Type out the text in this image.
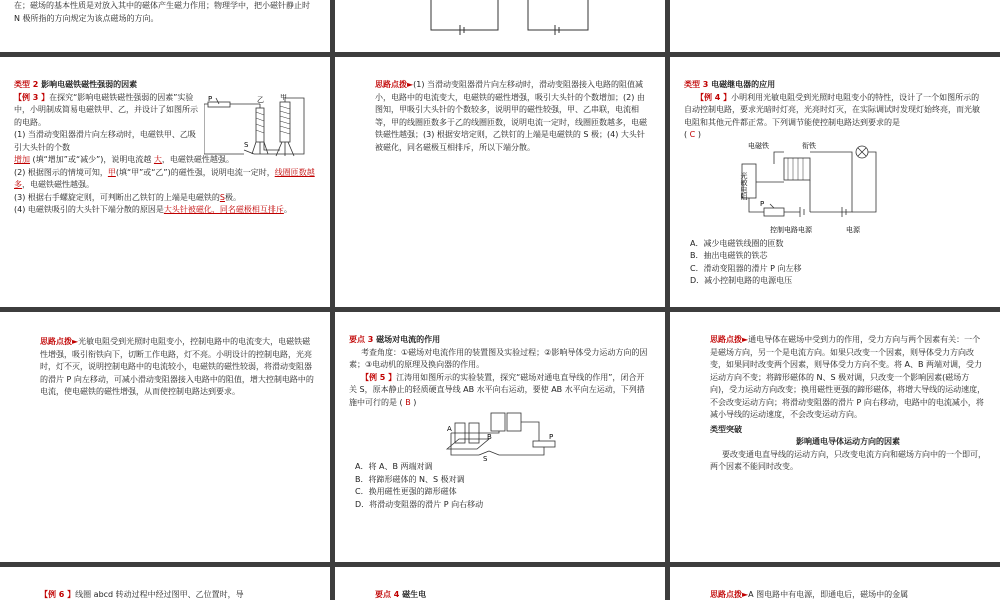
在；磁场的基本性质是对放入其中的磁体产生磁力作用；物理学中，把小磁针静止时 N 极所指的方向规定为该点磁场的方向。

类型 2 影响电磁铁磁性强弱的因素

P	乙 甲
S

【例 3 】在探究“影响电磁铁磁性强弱的因素”实验中，小明制成简易电磁铁甲、乙，并设计了如图所示的电路。

(1) 当滑动变阻器滑片向左移动时，电磁铁甲、乙吸引大头针的个数

增加 (填“增加”或“减少”)，说明电流越 大，电磁铁磁性越强。

(2) 根据图示的情境可知，甲(填“甲”或“乙”)的磁性强，说明电流一定时，线圈匝数越多，电磁铁磁性越强。

(3) 根据右手螺旋定则，可判断出乙铁钉的上端是电磁铁的S极。

(4) 电磁铁吸引的大头针下端分散的原因是大头针被磁化，同名磁极相互排斥。

思路点拨►(1) 当滑动变阻器滑片向左移动时，滑动变阻器接入电路的阻值减小，电路中的电流变大，电磁铁的磁性增强，吸引大头针的个数增加；(2) 由图知，甲吸引大头针的个数较多，说明甲的磁性较强，甲、乙串联，电流相等，甲的线圈匝数多于乙的线圈匝数，说明电流一定时，线圈匝数越多，电磁铁磁性越强；(3) 根据安培定则，乙铁钉的上端是电磁铁的 S 极；(4) 大头针被磁化，同名磁极互相排斥，所以下端分散。

类型 3 电磁继电器的应用

【例 4 】小明利用光敏电阻受到光照时电阻变小的特性，设计了一个如图所示的自动控制电路，要求光暗时灯亮，光亮时灯灭，在实际调试时发现灯始终亮，而光敏电阻和其他元件都正常。下列调节能使控制电路达到要求的是

( C )

电磁铁	衔铁
光敏电阻
P
控制电路电源	电源

A．减少电磁铁线圈的匝数

B．抽出电磁铁的铁芯

C．滑动变阻器的滑片 P 向左移

D．减小控制电路的电源电压

思路点拨►光敏电阻受到光照时电阻变小，控制电路中的电流变大，电磁铁磁性增强，吸引衔铁向下，切断工作电路，灯不亮。小明设计的控制电路，光亮时，灯不灭，说明控制电路中的电流较小，电磁铁的磁性较弱，将滑动变阻器的滑片 P 向左移动，可减小滑动变阻器接入电路中的阻值，增大控制电路中的电流，使电磁铁的磁性增强，从而使控制电路达到要求。

要点 3 磁场对电流的作用

考查角度：①磁场对电流作用的装置图及实验过程；②影响导体受力运动方向的因素；③电动机的原理及换向器的作用。

【例 5 】江涛用如图所示的实验装置，探究“磁场对通电直导线的作用”，闭合开关 S，原本静止的轻质硬直导线 AB 水平向右运动，要使 AB 水平向左运动，下列措施中可行的是 ( B )

A
B
S
P

A．将 A、B 两端对调

B．将蹄形磁体的 N、S 极对调

C．换用磁性更强的蹄形磁体

D．将滑动变阻器的滑片 P 向右移动

思路点拨►通电导体在磁场中受到力的作用，受力方向与两个因素有关：一个是磁场方向，另一个是电流方向。如果只改变一个因素，则导体受力方向改变，如果同时改变两个因素，则导体受力方向不变。将 A、B 两端对调，受力运动方向不变；将蹄形磁体的 N、S 极对调，只改变一个影响因素(磁场方向)，受力运动方向改变；换用磁性更强的蹄形磁体，将增大导线的运动速度，不会改变运动方向；将滑动变阻器的滑片 P 向右移动，电路中的电流减小，将减小导线的运动速度，不会改变运动方向。

类型突破

影响通电导体运动方向的因素

要改变通电直导线的运动方向，只改变电流方向和磁场方向中的一个即可，两个因素不能同时改变。

【例 6 】线圈 abcd 转动过程中经过图甲、乙位置时，导	要点 4 磁生电	思路点拨►A 图电路中有电源，即通电后，磁场中的金属
